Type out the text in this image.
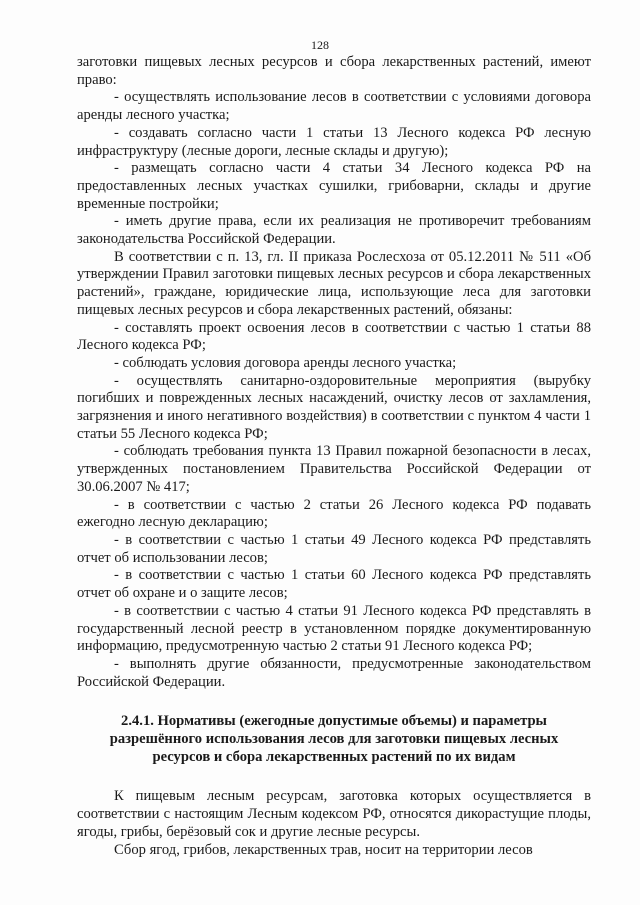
128

заготовки пищевых лесных ресурсов и сбора лекарственных растений, имеют право:

- осуществлять использование лесов в соответствии с условиями договора аренды лесного участка;

- создавать согласно части 1 статьи 13 Лесного кодекса РФ лесную инфраструктуру (лесные дороги, лесные склады и другую);

- размещать согласно части 4 статьи 34 Лесного кодекса РФ на предоставленных лесных участках сушилки, грибоварни, склады и другие временные постройки;

- иметь другие права, если их реализация не противоречит требованиям законодательства Российской Федерации.

В соответствии с п. 13, гл. II приказа Рослесхоза от 05.12.2011 № 511 «Об утверждении Правил заготовки пищевых лесных ресурсов и сбора лекарственных растений», граждане, юридические лица, использующие леса для заготовки пищевых лесных ресурсов и сбора лекарственных растений, обязаны:

- составлять проект освоения лесов в соответствии с частью 1 статьи 88 Лесного кодекса РФ;

- соблюдать условия договора аренды лесного участка;

- осуществлять санитарно-оздоровительные мероприятия (вырубку погибших и поврежденных лесных насаждений, очистку лесов от захламления, загрязнения и иного негативного воздействия) в соответствии с пунктом 4 части 1 статьи 55 Лесного кодекса РФ;

- соблюдать требования пункта 13 Правил пожарной безопасности в лесах, утвержденных постановлением Правительства Российской Федерации от 30.06.2007 № 417;

- в соответствии с частью 2 статьи 26 Лесного кодекса РФ подавать ежегодно лесную декларацию;

- в соответствии с частью 1 статьи 49 Лесного кодекса РФ представлять отчет об использовании лесов;

- в соответствии с частью 1 статьи 60 Лесного кодекса РФ представлять отчет об охране и о защите лесов;

- в соответствии с частью 4 статьи 91 Лесного кодекса РФ представлять в государственный лесной реестр в установленном порядке документированную информацию, предусмотренную частью 2 статьи 91 Лесного кодекса РФ;

- выполнять другие обязанности, предусмотренные законодательством Российской Федерации.

2.4.1. Нормативы (ежегодные допустимые объемы) и параметры разрешённого использования лесов для заготовки пищевых лесных ресурсов и сбора лекарственных растений по их видам

К пищевым лесным ресурсам, заготовка которых осуществляется в соответствии с настоящим Лесным кодексом РФ, относятся дикорастущие плоды, ягоды, грибы, берёзовый сок и другие лесные ресурсы.

Сбор ягод, грибов, лекарственных трав, носит на территории лесов
